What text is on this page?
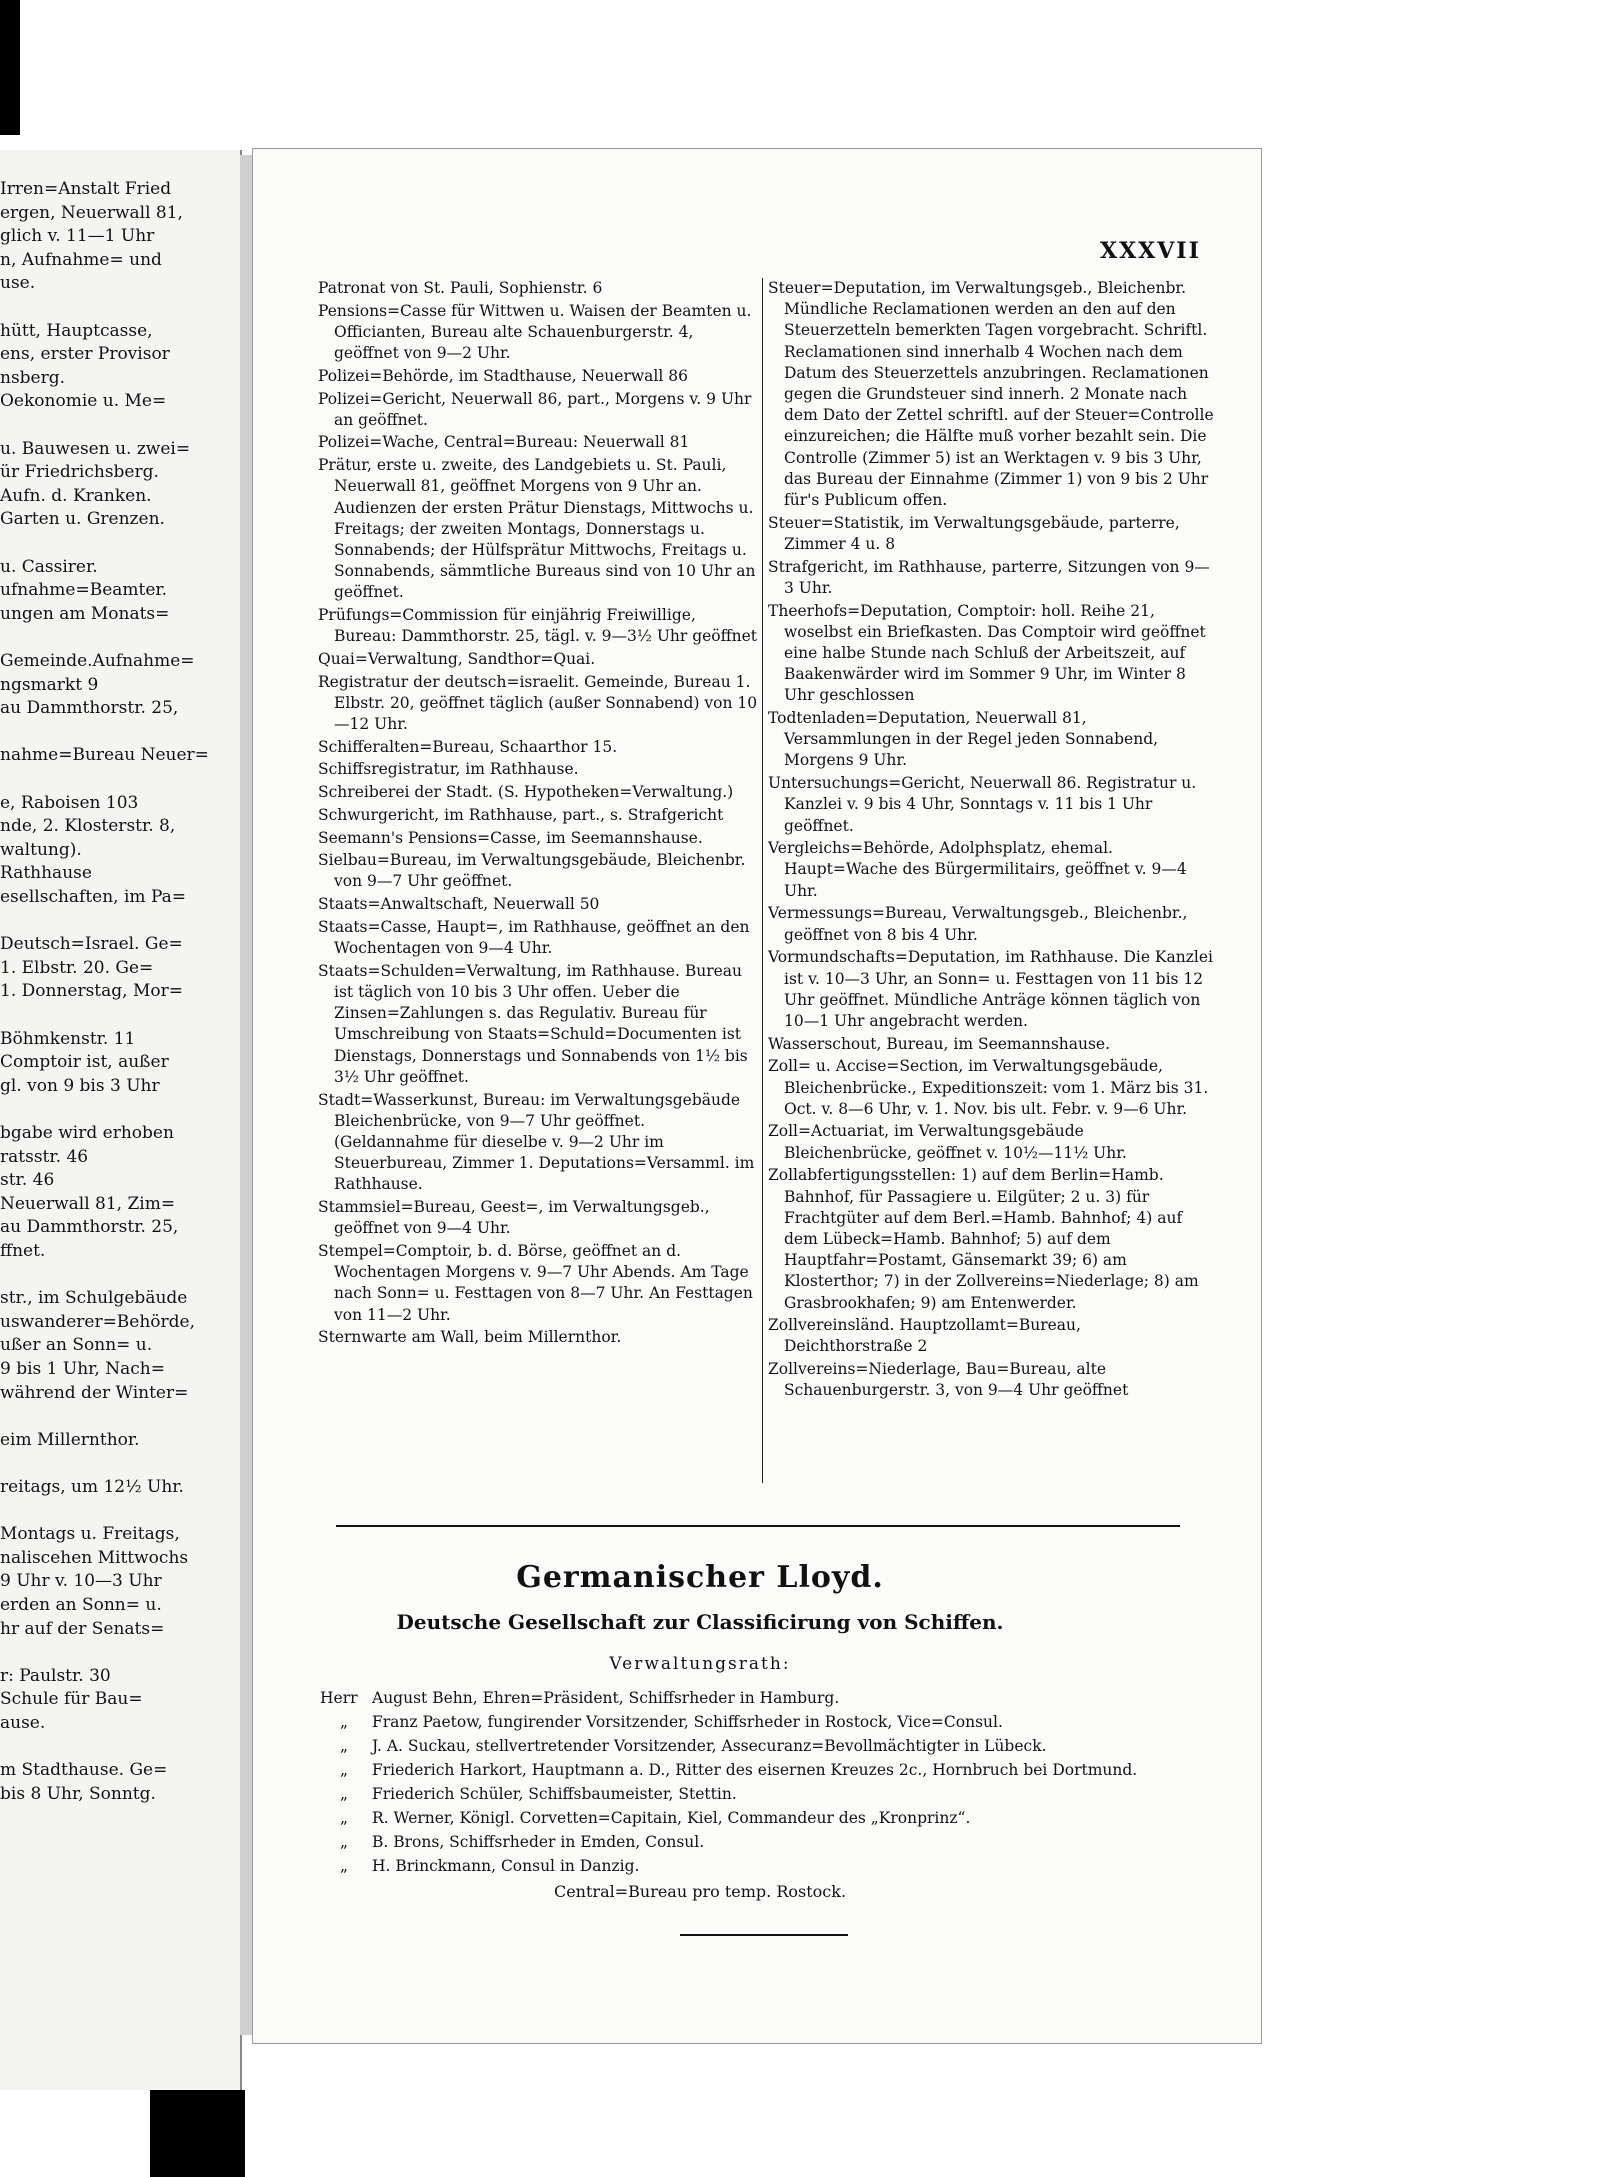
Irren=Anstalt Fried
ergen, Neuerwall 81,
glich v. 11—1 Uhr
n, Aufnahme= und
use.
hütt, Hauptcasse,
ens, erster Provisor
nsberg.
Oekonomie u. Me=
u. Bauwesen u. zwei=
ür Friedrichsberg.
Aufn. d. Kranken.
Garten u. Grenzen.
u. Cassirer.
ufnahme=Beamter.
ungen am Monats=
Gemeinde.Aufnahme=
ngsmarkt 9
au Dammthorstr. 25,
nahme=Bureau Neuer=
e, Raboisen 103
nde, 2. Klosterstr. 8,
waltung).
Rathhause
esellschaften, im Pa=
Deutsch=Israel. Ge=
1. Elbstr. 20. Ge=
1. Donnerstag, Mor=
Böhmkenstr. 11
Comptoir ist, außer
gl. von 9 bis 3 Uhr
bgabe wird erhoben
ratsstr. 46
str. 46
Neuerwall 81, Zim=
au Dammthorstr. 25,
ffnet.
str., im Schulgebäude
uswanderer=Behörde,
ußer an Sonn= u.
9 bis 1 Uhr, Nach=
während der Winter=
eim Millernthor.
reitags, um 12½ Uhr.
Montags u. Freitags,
naliscehen Mittwochs
9 Uhr v. 10—3 Uhr
erden an Sonn= u.
hr auf der Senats=
r: Paulstr. 30
Schule für Bau=
ause.
m Stadthause. Ge=
bis 8 Uhr, Sonntg.
XXXVII
Patronat von St. Pauli, Sophienstr. 6
Pensions=Casse für Wittwen u. Waisen der Beamten u. Officianten, Bureau alte Schauenburgerstr. 4, geöffnet von 9—2 Uhr.
Polizei=Behörde, im Stadthause, Neuerwall 86
Polizei=Gericht, Neuerwall 86, part., Morgens v. 9 Uhr an geöffnet.
Polizei=Wache, Central=Bureau: Neuerwall 81
Prätur, erste u. zweite, des Landgebiets u. St. Pauli, Neuerwall 81, geöffnet Morgens von 9 Uhr an. Audienzen der ersten Prätur Dienstags, Mittwochs u. Freitags; der zweiten Montags, Donnerstags u. Sonnabends; der Hülfsprätur Mittwochs, Freitags u. Sonnabends, sämmtliche Bureaus sind von 10 Uhr an geöffnet.
Prüfungs=Commission für einjährig Freiwillige, Bureau: Dammthorstr. 25, tägl. v. 9—3½ Uhr geöffnet
Quai=Verwaltung, Sandthor=Quai.
Registratur der deutsch=israelit. Gemeinde, Bureau 1. Elbstr. 20, geöffnet täglich (außer Sonnabend) von 10—12 Uhr.
Schifferalten=Bureau, Schaarthor 15.
Schiffsregistratur, im Rathhause.
Schreiberei der Stadt. (S. Hypotheken=Verwaltung.)
Schwurgericht, im Rathhause, part., s. Strafgericht
Seemann's Pensions=Casse, im Seemannshause.
Sielbau=Bureau, im Verwaltungsgebäude, Bleichenbr. von 9—7 Uhr geöffnet.
Staats=Anwaltschaft, Neuerwall 50
Staats=Casse, Haupt=, im Rathhause, geöffnet an den Wochentagen von 9—4 Uhr.
Staats=Schulden=Verwaltung, im Rathhause. Bureau ist täglich von 10 bis 3 Uhr offen. Ueber die Zinsen=Zahlungen s. das Regulativ. Bureau für Umschreibung von Staats=Schuld=Documenten ist Dienstags, Donnerstags und Sonnabends von 1½ bis 3½ Uhr geöffnet.
Stadt=Wasserkunst, Bureau: im Verwaltungsgebäude Bleichenbrücke, von 9—7 Uhr geöffnet. (Geldannahme für dieselbe v. 9—2 Uhr im Steuerbureau, Zimmer 1. Deputations=Versamml. im Rathhause.
Stammsiel=Bureau, Geest=, im Verwaltungsgeb., geöffnet von 9—4 Uhr.
Stempel=Comptoir, b. d. Börse, geöffnet an d. Wochentagen Morgens v. 9—7 Uhr Abends. Am Tage nach Sonn= u. Festtagen von 8—7 Uhr. An Festtagen von 11—2 Uhr.
Sternwarte am Wall, beim Millernthor.
Steuer=Deputation, im Verwaltungsgeb., Bleichenbr. Mündliche Reclamationen werden an den auf den Steuerzetteln bemerkten Tagen vorgebracht. Schriftl. Reclamationen sind innerhalb 4 Wochen nach dem Datum des Steuerzettels anzubringen. Reclamationen gegen die Grundsteuer sind innerh. 2 Monate nach dem Dato der Zettel schriftl. auf der Steuer=Controlle einzureichen; die Hälfte muß vorher bezahlt sein. Die Controlle (Zimmer 5) ist an Werktagen v. 9 bis 3 Uhr, das Bureau der Einnahme (Zimmer 1) von 9 bis 2 Uhr für's Publicum offen.
Steuer=Statistik, im Verwaltungsgebäude, parterre, Zimmer 4 u. 8
Strafgericht, im Rathhause, parterre, Sitzungen von 9—3 Uhr.
Theerhofs=Deputation, Comptoir: holl. Reihe 21, woselbst ein Briefkasten. Das Comptoir wird geöffnet eine halbe Stunde nach Schluß der Arbeitszeit, auf Baakenwärder wird im Sommer 9 Uhr, im Winter 8 Uhr geschlossen
Todtenladen=Deputation, Neuerwall 81, Versammlungen in der Regel jeden Sonnabend, Morgens 9 Uhr.
Untersuchungs=Gericht, Neuerwall 86. Registratur u. Kanzlei v. 9 bis 4 Uhr, Sonntags v. 11 bis 1 Uhr geöffnet.
Vergleichs=Behörde, Adolphsplatz, ehemal. Haupt=Wache des Bürgermilitairs, geöffnet v. 9—4 Uhr.
Vermessungs=Bureau, Verwaltungsgeb., Bleichenbr., geöffnet von 8 bis 4 Uhr.
Vormundschafts=Deputation, im Rathhause. Die Kanzlei ist v. 10—3 Uhr, an Sonn= u. Festtagen von 11 bis 12 Uhr geöffnet. Mündliche Anträge können täglich von 10—1 Uhr angebracht werden.
Wasserschout, Bureau, im Seemannshause.
Zoll= u. Accise=Section, im Verwaltungsgebäude, Bleichenbrücke., Expeditionszeit: vom 1. März bis 31. Oct. v. 8—6 Uhr, v. 1. Nov. bis ult. Febr. v. 9—6 Uhr.
Zoll=Actuariat, im Verwaltungsgebäude Bleichenbrücke, geöffnet v. 10½—11½ Uhr.
Zollabfertigungsstellen: 1) auf dem Berlin=Hamb. Bahnhof, für Passagiere u. Eilgüter; 2 u. 3) für Frachtgüter auf dem Berl.=Hamb. Bahnhof; 4) auf dem Lübeck=Hamb. Bahnhof; 5) auf dem Hauptfahr=Postamt, Gänsemarkt 39; 6) am Klosterthor; 7) in der Zollvereins=Niederlage; 8) am Grasbrookhafen; 9) am Entenwerder.
Zollvereinsländ. Hauptzollamt=Bureau, Deichthorstraße 2
Zollvereins=Niederlage, Bau=Bureau, alte Schauenburgerstr. 3, von 9—4 Uhr geöffnet
Germanischer Lloyd.
Deutsche Gesellschaft zur Classificirung von Schiffen.
Verwaltungsrath:
Herr August Behn, Ehren=Präsident, Schiffsrheder in Hamburg.
„	Franz Paetow, fungirender Vorsitzender, Schiffsrheder in Rostock, Vice=Consul.
„	J. A. Suckau, stellvertretender Vorsitzender, Assecuranz=Bevollmächtigter in Lübeck.
„	Friederich Harkort, Hauptmann a. D., Ritter des eisernen Kreuzes 2c., Hornbruch bei Dortmund.
„	Friederich Schüler, Schiffsbaumeister, Stettin.
„	R. Werner, Königl. Corvetten=Capitain, Kiel, Commandeur des „Kronprinz“.
„	B. Brons, Schiffsrheder in Emden, Consul.
„	H. Brinckmann, Consul in Danzig.
Central=Bureau pro temp. Rostock.
